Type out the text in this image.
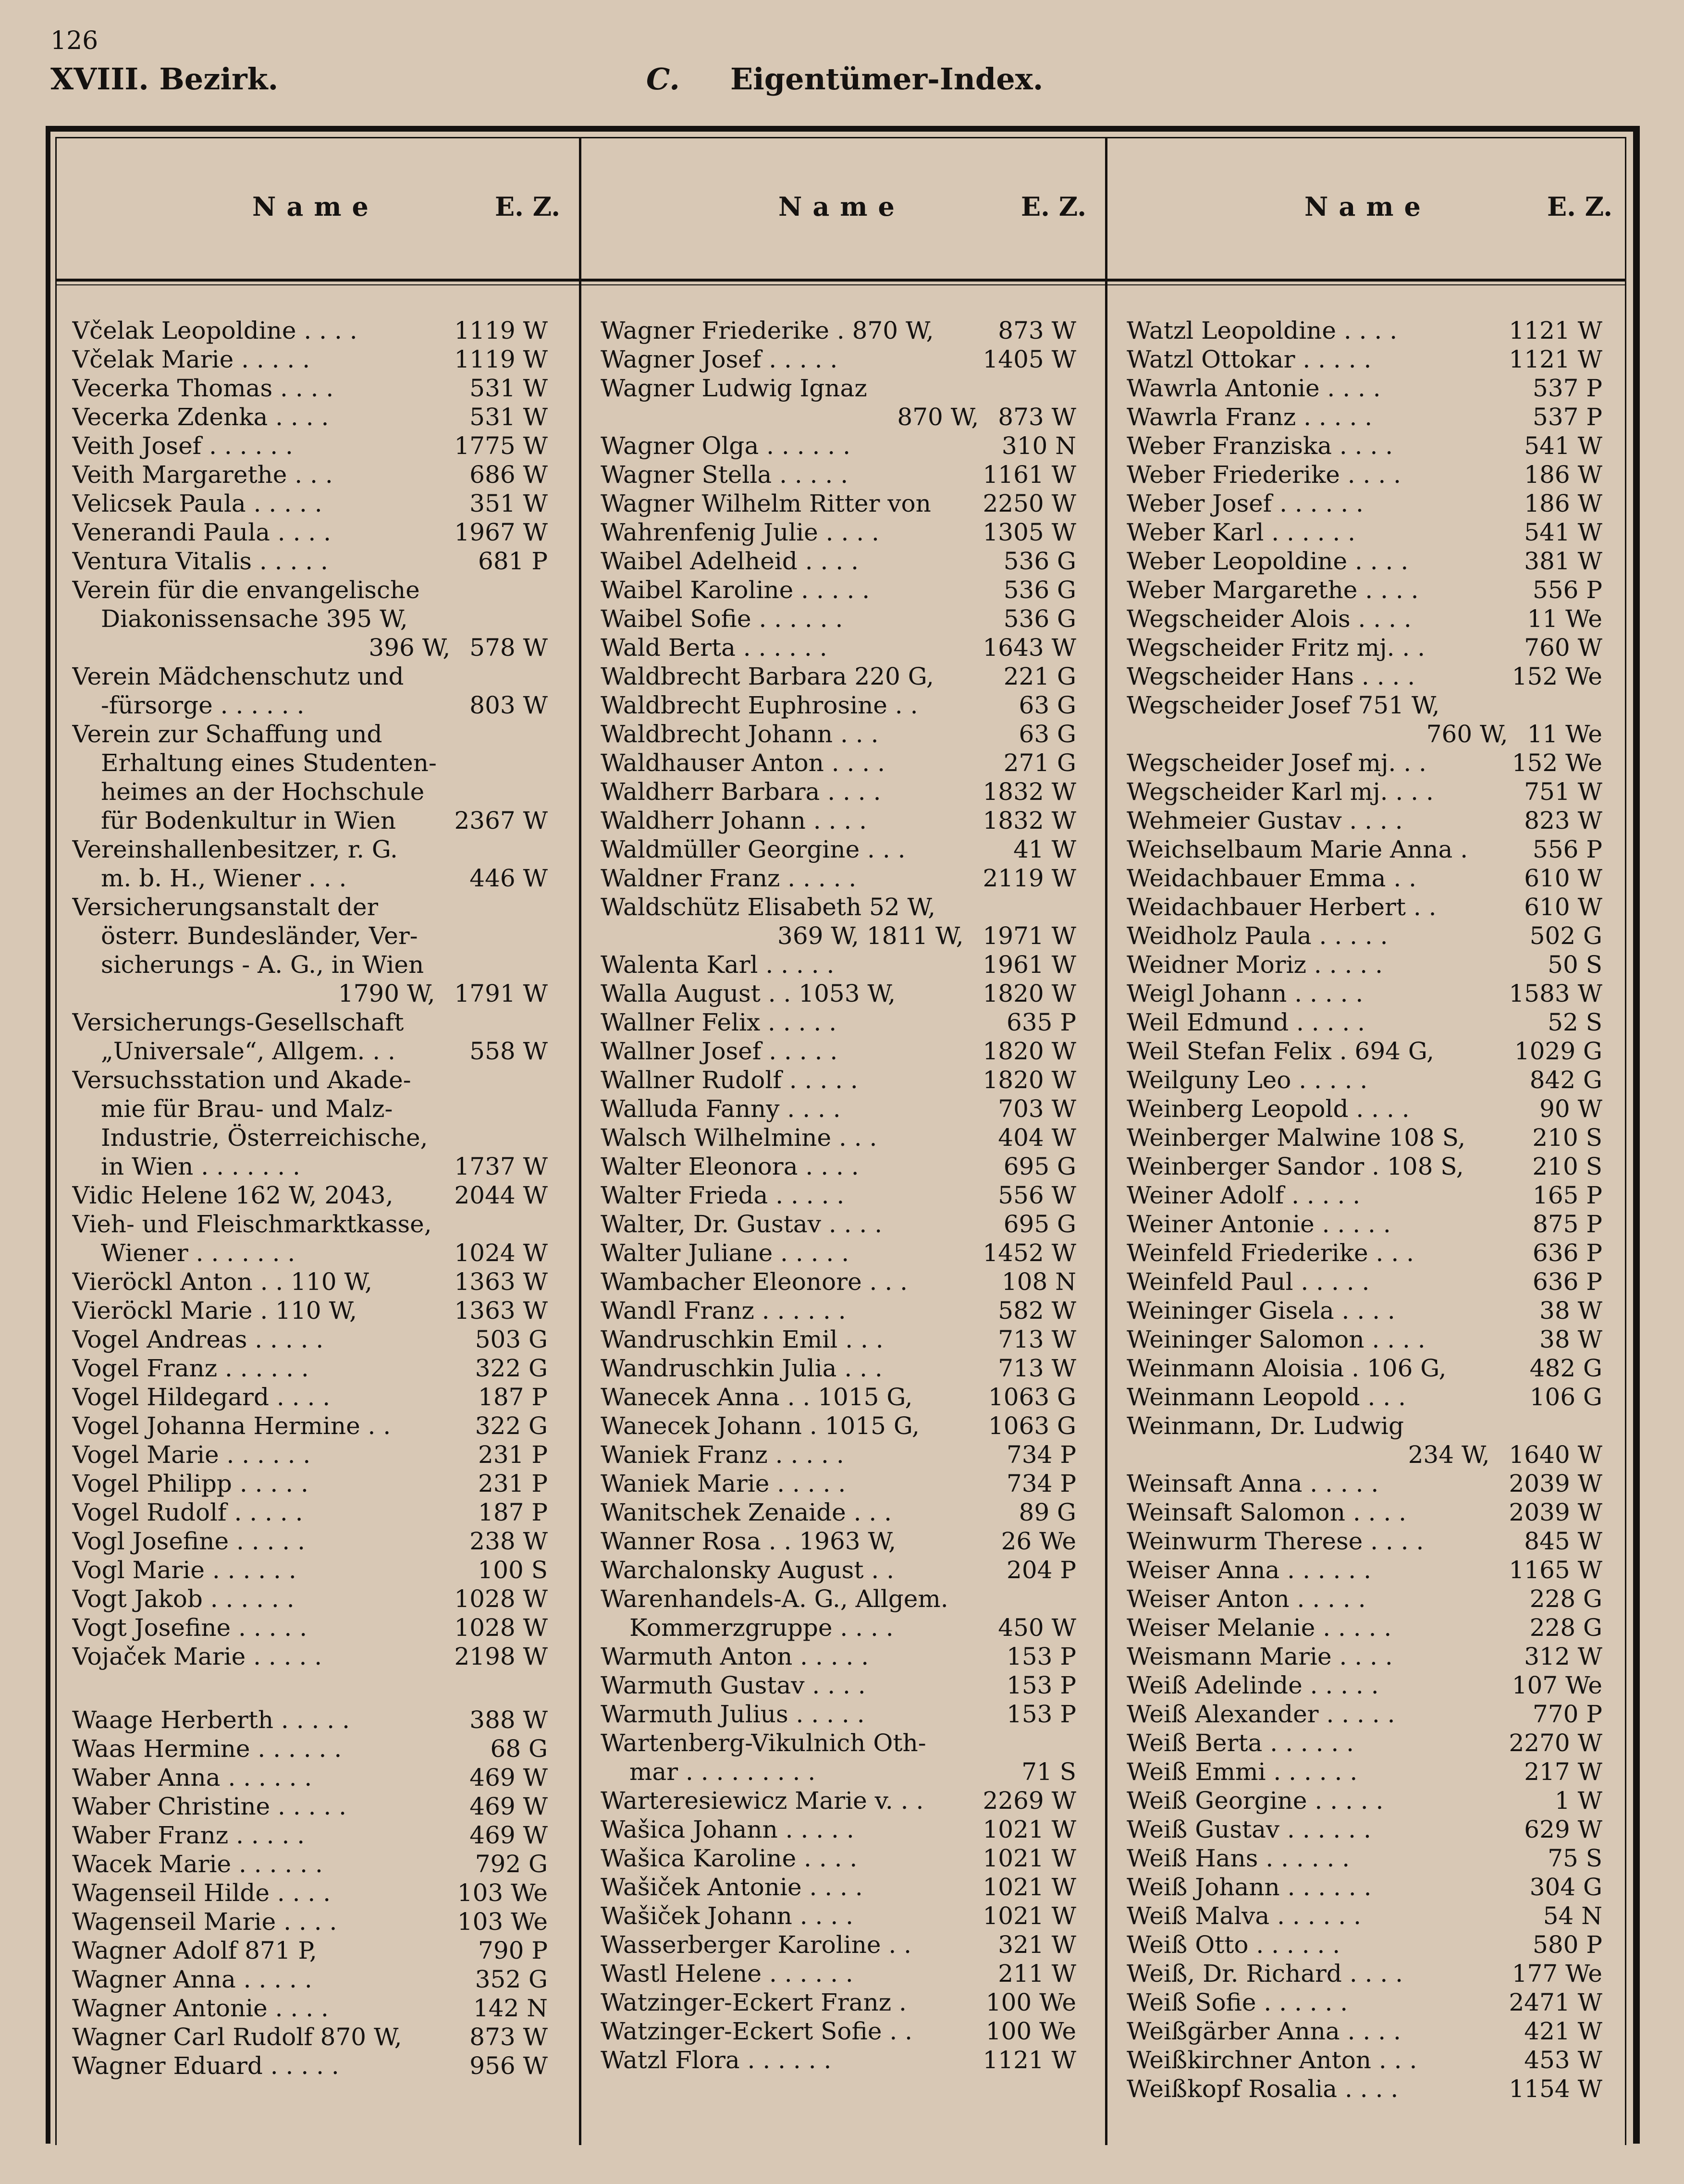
126
XVIII. Bezirk.	C. Eigentümer-Index.
Name	E. Z.	Name	E. Z.	Name	E. Z.
Včelak Leopoldine . . . .	1119 W
Včelak Marie . . . . .	1119 W
Vecerka Thomas . . . .	531 W
Vecerka Zdenka . . . .	531 W
Veith Josef . . . . . .	1775 W
Veith Margarethe . . .	686 W
Velicsek Paula . . . . .	351 W
Venerandi Paula . . . .	1967 W
Ventura Vitalis . . . . .	681 P
Verein für die envangelische
Diakonissensache 395 W,
396 W, 578 W
Verein Mädchenschutz und
-fürsorge . . . . . .	803 W
Verein zur Schaffung und
Erhaltung eines Studenten-
heimes an der Hochschule
für Bodenkultur in Wien 2367 W
Vereinshallenbesitzer, r. G.
m. b. H., Wiener . . .	446 W
Versicherungsanstalt der
österr. Bundesländer, Ver-
sicherungs - A. G., in Wien
1790 W, 1791 W
Versicherungs-Gesellschaft
„Universale“, Allgem. . .	558 W
Versuchsstation und Akade-
mie für Brau- und Malz-
Industrie, Österreichische,
in Wien . . . . . . .	1737 W
Vidic Helene 162 W, 2043,	2044 W
Vieh- und Fleischmarktkasse,
Wiener . . . . . . .	1024 W
Vieröckl Anton . . 110 W,	1363 W
Vieröckl Marie . 110 W,	1363 W
Vogel Andreas . . . . .	503 G
Vogel Franz . . . . . .	322 G
Vogel Hildegard . . . .	187 P
Vogel Johanna Hermine . .	322 G
Vogel Marie . . . . . .	231 P
Vogel Philipp . . . . .	231 P
Vogel Rudolf . . . . .	187 P
Vogl Josefine . . . . .	238 W
Vogl Marie . . . . . .	100 S
Vogt Jakob . . . . . .	1028 W
Vogt Josefine . . . . .	1028 W
Vojaček Marie . . . . .	2198 W
Waage Herberth . . . . .	388 W
Waas Hermine . . . . . .	68 G
Waber Anna . . . . . .	469 W
Waber Christine . . . . .	469 W
Waber Franz . . . . .	469 W
Wacek Marie . . . . . .	792 G
Wagenseil Hilde . . . .	103 We
Wagenseil Marie . . . .	103 We
Wagner Adolf 871 P,	790 P
Wagner Anna . . . . .	352 G
Wagner Antonie . . . .	142 N
Wagner Carl Rudolf 870 W,	873 W
Wagner Eduard . . . . .	956 W
Wagner Friederike . 870 W,	873 W
Wagner Josef . . . . .	1405 W
Wagner Ludwig Ignaz
870 W, 873 W
Wagner Olga . . . . . .	310 N
Wagner Stella . . . . .	1161 W
Wagner Wilhelm Ritter von 2250 W
Wahrenfenig Julie . . . .	1305 W
Waibel Adelheid . . . .	536 G
Waibel Karoline . . . . .	536 G
Waibel Sofie . . . . . .	536 G
Wald Berta . . . . . .	1643 W
Waldbrecht Barbara 220 G,	221 G
Waldbrecht Euphrosine . .	63 G
Waldbrecht Johann . . .	63 G
Waldhauser Anton . . . .	271 G
Waldherr Barbara . . . .	1832 W
Waldherr Johann . . . .	1832 W
Waldmüller Georgine . . .	41 W
Waldner Franz . . . . .	2119 W
Waldschütz Elisabeth 52 W,
369 W, 1811 W, 1971 W
Walenta Karl . . . . .	1961 W
Walla August . . 1053 W,	1820 W
Wallner Felix . . . . .	635 P
Wallner Josef . . . . .	1820 W
Wallner Rudolf . . . . .	1820 W
Walluda Fanny . . . .	703 W
Walsch Wilhelmine . . .	404 W
Walter Eleonora . . . .	695 G
Walter Frieda . . . . .	556 W
Walter, Dr. Gustav . . . .	695 G
Walter Juliane . . . . .	1452 W
Wambacher Eleonore . . .	108 N
Wandl Franz . . . . . .	582 W
Wandruschkin Emil . . .	713 W
Wandruschkin Julia . . .	713 W
Wanecek Anna . . 1015 G,	1063 G
Wanecek Johann . 1015 G,	1063 G
Waniek Franz . . . . .	734 P
Waniek Marie . . . . .	734 P
Wanitschek Zenaide . . .	89 G
Wanner Rosa . . 1963 W,	26 We
Warchalonsky August . .	204 P
Warenhandels-A. G., Allgem.
Kommerzgruppe . . . .	450 W
Warmuth Anton . . . . .	153 P
Warmuth Gustav . . . .	153 P
Warmuth Julius . . . . .	153 P
Wartenberg-Vikulnich Oth-
mar . . . . . . . . .	71 S
Warteresiewicz Marie v. . . 2269 W
Wašica Johann . . . . .	1021 W
Wašica Karoline . . . .	1021 W
Wašiček Antonie . . . .	1021 W
Wašiček Johann . . . .	1021 W
Wasserberger Karoline . .	321 W
Wastl Helene . . . . . .	211 W
Watzinger-Eckert Franz .	100 We
Watzinger-Eckert Sofie . .	100 We
Watzl Flora . . . . . .	1121 W
Watzl Leopoldine . . . .	1121 W
Watzl Ottokar . . . . .	1121 W
Wawrla Antonie . . . .	537 P
Wawrla Franz . . . . .	537 P
Weber Franziska . . . .	541 W
Weber Friederike . . . .	186 W
Weber Josef . . . . . .	186 W
Weber Karl . . . . . .	541 W
Weber Leopoldine . . . .	381 W
Weber Margarethe . . . .	556 P
Wegscheider Alois . . . .	11 We
Wegscheider Fritz mj. . .	760 W
Wegscheider Hans . . . .	152 We
Wegscheider Josef 751 W,
760 W, 11 We
Wegscheider Josef mj. . .	152 We
Wegscheider Karl mj. . . .	751 W
Wehmeier Gustav . . . .	823 W
Weichselbaum Marie Anna .	556 P
Weidachbauer Emma . .	610 W
Weidachbauer Herbert . .	610 W
Weidholz Paula . . . . .	502 G
Weidner Moriz . . . . .	50 S
Weigl Johann . . . . .	1583 W
Weil Edmund . . . . .	52 S
Weil Stefan Felix . 694 G,	1029 G
Weilguny Leo . . . . .	842 G
Weinberg Leopold . . . .	90 W
Weinberger Malwine 108 S,	210 S
Weinberger Sandor . 108 S,	210 S
Weiner Adolf . . . . .	165 P
Weiner Antonie . . . . .	875 P
Weinfeld Friederike . . .	636 P
Weinfeld Paul . . . . .	636 P
Weininger Gisela . . . .	38 W
Weininger Salomon . . . .	38 W
Weinmann Aloisia . 106 G,	482 G
Weinmann Leopold . . .	106 G
Weinmann, Dr. Ludwig
234 W, 1640 W
Weinsaft Anna . . . . .	2039 W
Weinsaft Salomon . . . .	2039 W
Weinwurm Therese . . . .	845 W
Weiser Anna . . . . . .	1165 W
Weiser Anton . . . . .	228 G
Weiser Melanie . . . . .	228 G
Weismann Marie . . . .	312 W
Weiß Adelinde . . . . .	107 We
Weiß Alexander . . . . .	770 P
Weiß Berta . . . . . .	2270 W
Weiß Emmi . . . . . .	217 W
Weiß Georgine . . . . .	1 W
Weiß Gustav . . . . . .	629 W
Weiß Hans . . . . . .	75 S
Weiß Johann . . . . . .	304 G
Weiß Malva . . . . . .	54 N
Weiß Otto . . . . . .	580 P
Weiß, Dr. Richard . . . .	177 We
Weiß Sofie . . . . . .	2471 W
Weißgärber Anna . . . .	421 W
Weißkirchner Anton . . .	453 W
Weißkopf Rosalia . . . .	1154 W
